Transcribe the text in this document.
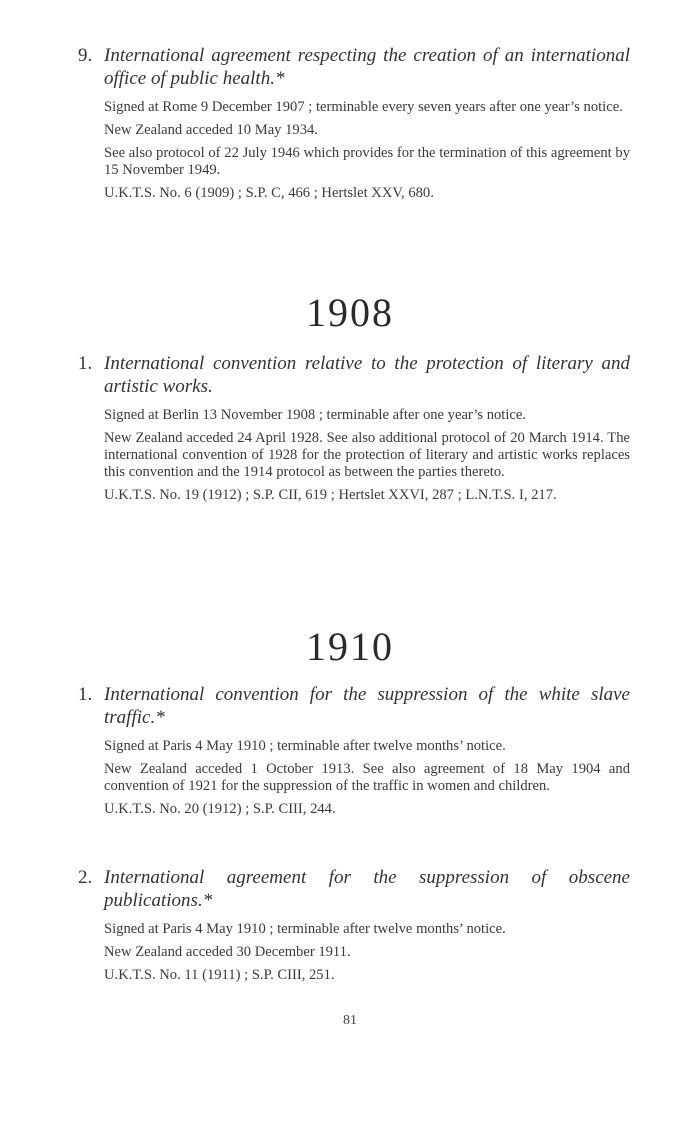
9. International agreement respecting the creation of an international office of public health.*

Signed at Rome 9 December 1907 ; terminable every seven years after one year’s notice.

New Zealand acceded 10 May 1934.

See also protocol of 22 July 1946 which provides for the termination of this agreement by 15 November 1949.

U.K.T.S. No. 6 (1909) ; S.P. C, 466 ; Hertslet XXV, 680.

1908
1. International convention relative to the protection of literary and artistic works.

Signed at Berlin 13 November 1908 ; terminable after one year’s notice.

New Zealand acceded 24 April 1928. See also additional protocol of 20 March 1914. The international convention of 1928 for the protection of literary and artistic works replaces this convention and the 1914 protocol as between the parties thereto.

U.K.T.S. No. 19 (1912) ; S.P. CII, 619 ; Hertslet XXVI, 287 ; L.N.T.S. I, 217.

1910
1. International convention for the suppression of the white slave traffic.*

Signed at Paris 4 May 1910 ; terminable after twelve months’ notice.

New Zealand acceded 1 October 1913. See also agreement of 18 May 1904 and convention of 1921 for the suppression of the traffic in women and children.

U.K.T.S. No. 20 (1912) ; S.P. CIII, 244.

2. International agreement for the suppression of obscene publications.*

Signed at Paris 4 May 1910 ; terminable after twelve months’ notice.

New Zealand acceded 30 December 1911.

U.K.T.S. No. 11 (1911) ; S.P. CIII, 251.

81
